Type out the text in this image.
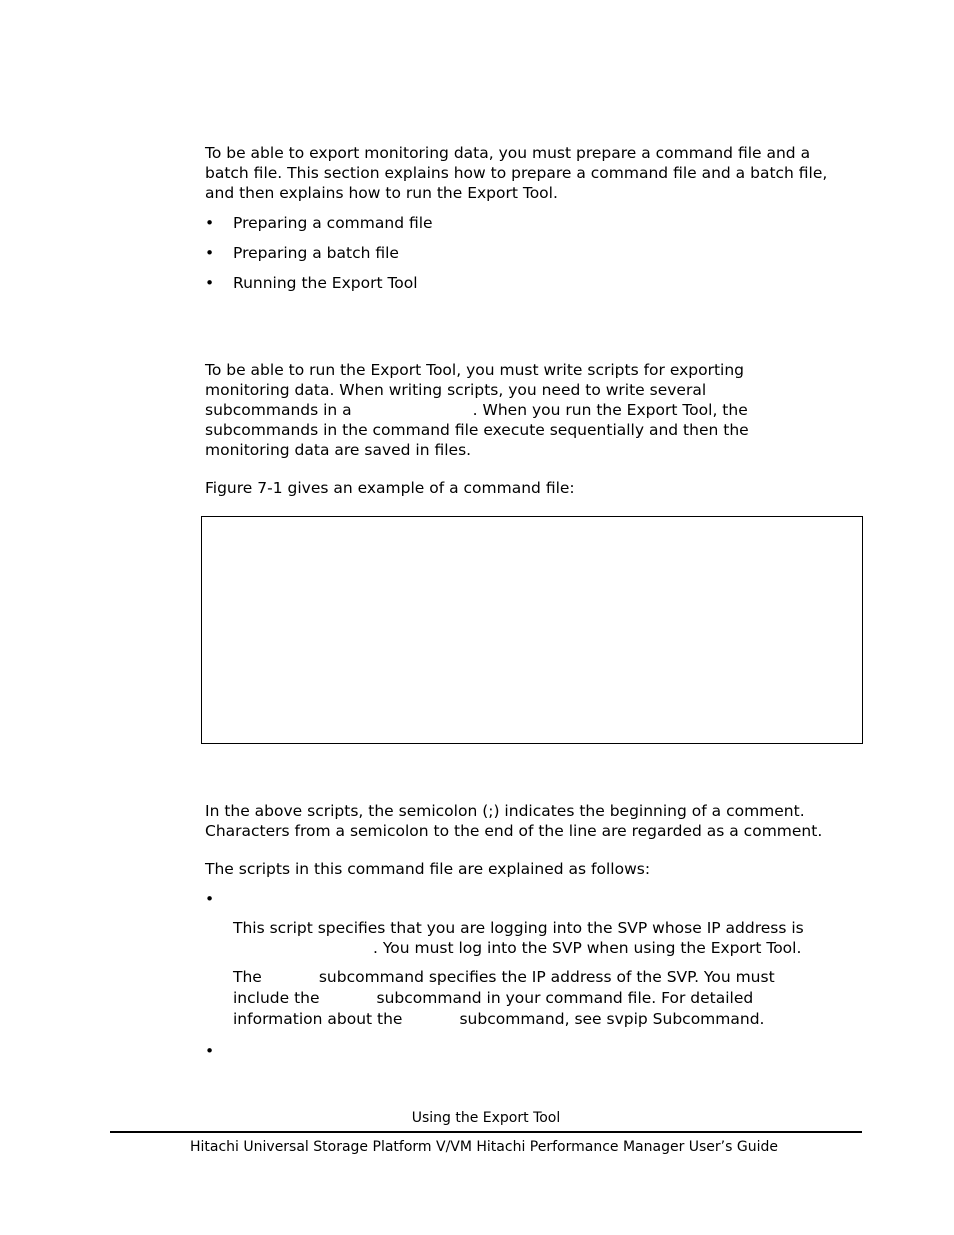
To be able to export monitoring data, you must prepare a command file and a

batch file. This section explains how to prepare a command file and a batch file,

and then explains how to run the Export Tool.

• Preparing a command file
• Preparing a batch file
• Running the Export Tool

To be able to run the Export Tool, you must write scripts for exporting

monitoring data. When writing scripts, you need to write several

subcommands in a	. When you run the Export Tool, the

subcommands in the command file execute sequentially and then the

monitoring data are saved in files.

Figure 7-1 gives an example of a command file:

In the above scripts, the semicolon (;) indicates the beginning of a comment.

Characters from a semicolon to the end of the line are regarded as a comment.

The scripts in this command file are explained as follows:

•

This script specifies that you are logging into the SVP whose IP address is

. You must log into the SVP when using the Export Tool.

The	subcommand specifies the IP address of the SVP. You must

include the	subcommand in your command file. For detailed

information about the	subcommand, see svpip Subcommand.

•
Using the Export Tool
Hitachi Universal Storage Platform V/VM Hitachi Performance Manager User’s Guide
